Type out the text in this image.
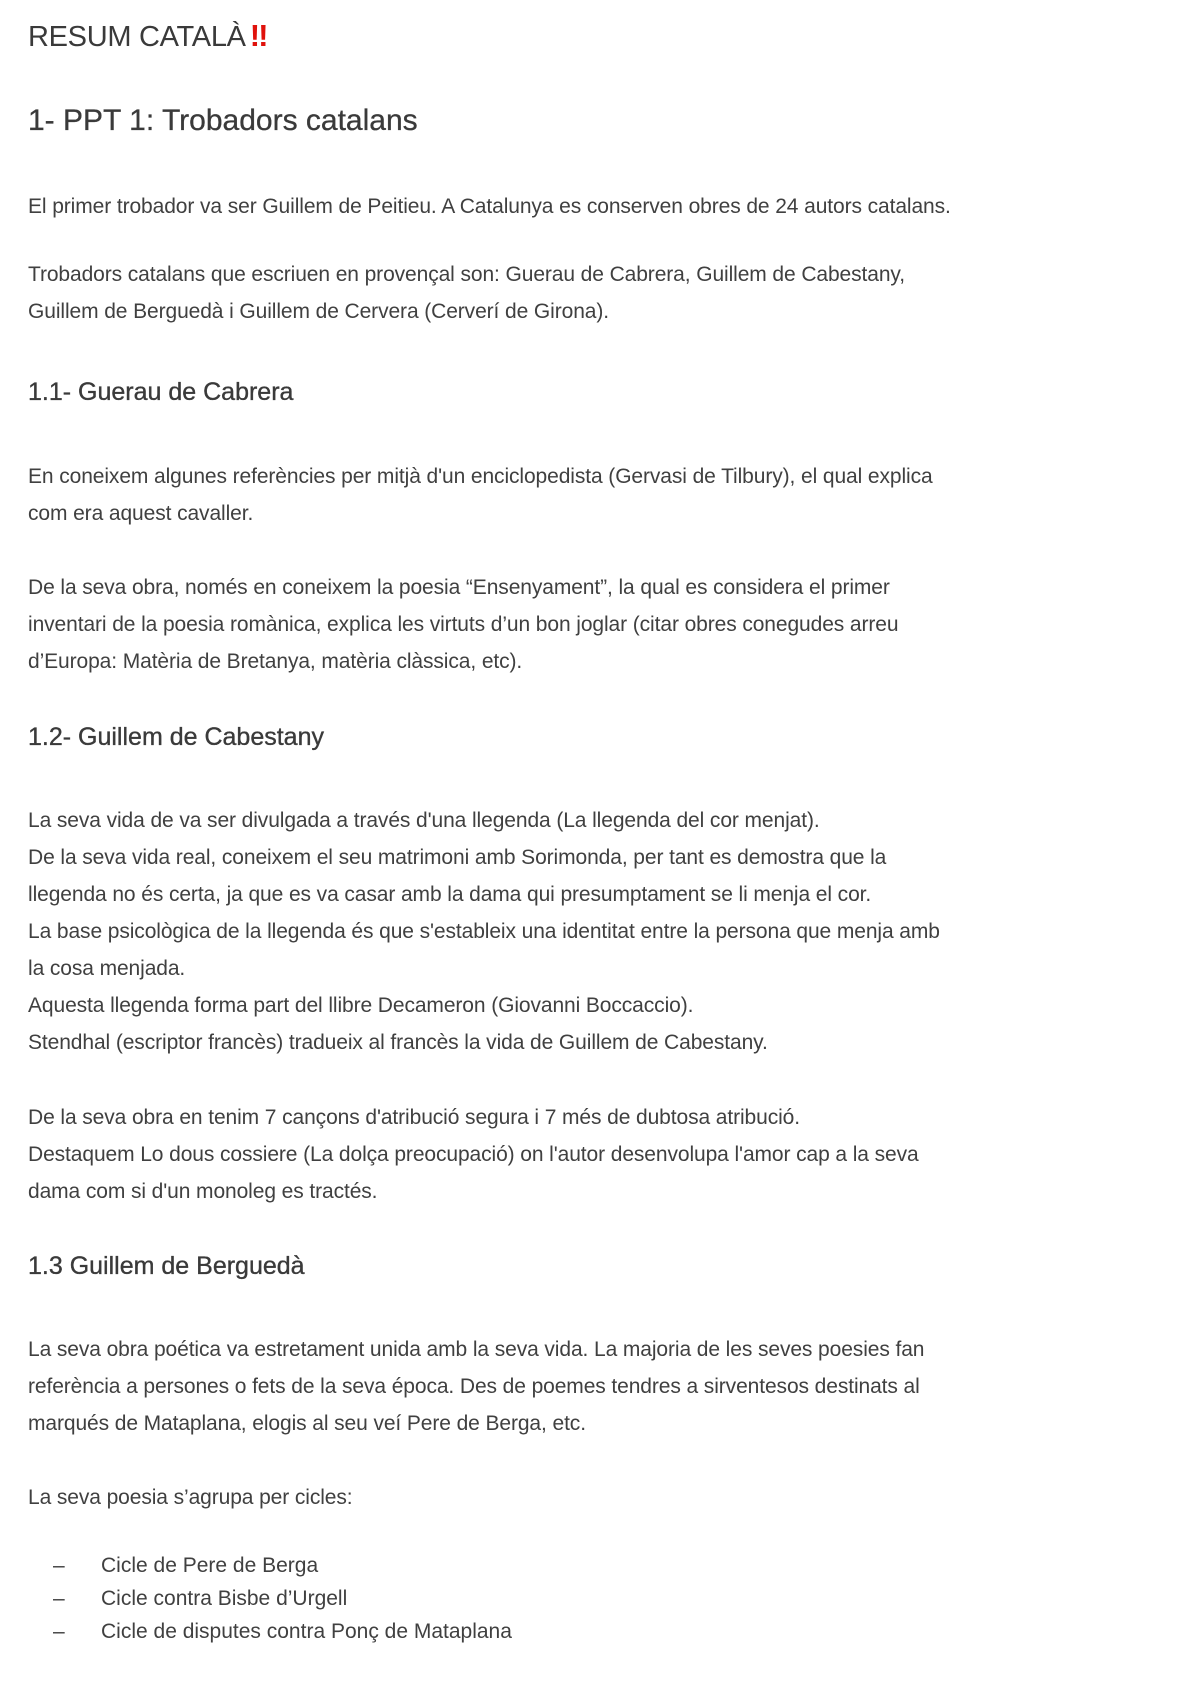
RESUM CATALÀ ‼
1- PPT 1: Trobadors catalans

El primer trobador va ser Guillem de Peitieu. A Catalunya es conserven obres de 24 autors catalans.

Trobadors catalans que escriuen en provençal son: Guerau de Cabrera, Guillem de Cabestany,
Guillem de Berguedà i Guillem de Cervera (Cerverí de Girona).

1.1- Guerau de Cabrera

En coneixem algunes referències per mitjà d'un enciclopedista (Gervasi de Tilbury), el qual explica
com era aquest cavaller.

De la seva obra, només en coneixem la poesia “Ensenyament”, la qual es considera el primer
inventari de la poesia romànica, explica les virtuts d’un bon joglar (citar obres conegudes arreu
d’Europa: Matèria de Bretanya, matèria clàssica, etc).

1.2- Guillem de Cabestany

La seva vida de va ser divulgada a través d'una llegenda (La llegenda del cor menjat).
De la seva vida real, coneixem el seu matrimoni amb Sorimonda, per tant es demostra que la
llegenda no és certa, ja que es va casar amb la dama qui presumptament se li menja el cor.
La base psicològica de la llegenda és que s'estableix una identitat entre la persona que menja amb
la cosa menjada.
Aquesta llegenda forma part del llibre Decameron (Giovanni Boccaccio).
Stendhal (escriptor francès) tradueix al francès la vida de Guillem de Cabestany.

De la seva obra en tenim 7 cançons d'atribució segura i 7 més de dubtosa atribució.
Destaquem Lo dous cossiere (La dolça preocupació) on l'autor desenvolupa l'amor cap a la seva
dama com si d'un monoleg es tractés.

1.3 Guillem de Berguedà

La seva obra poética va estretament unida amb la seva vida. La majoria de les seves poesies fan
referència a persones o fets de la seva época. Des de poemes tendres a sirventesos destinats al
marqués de Mataplana, elogis al seu veí Pere de Berga, etc.

La seva poesia s’agrupa per cicles:

– Cicle de Pere de Berga
– Cicle contra Bisbe d’Urgell
– Cicle de disputes contra Ponç de Mataplana
